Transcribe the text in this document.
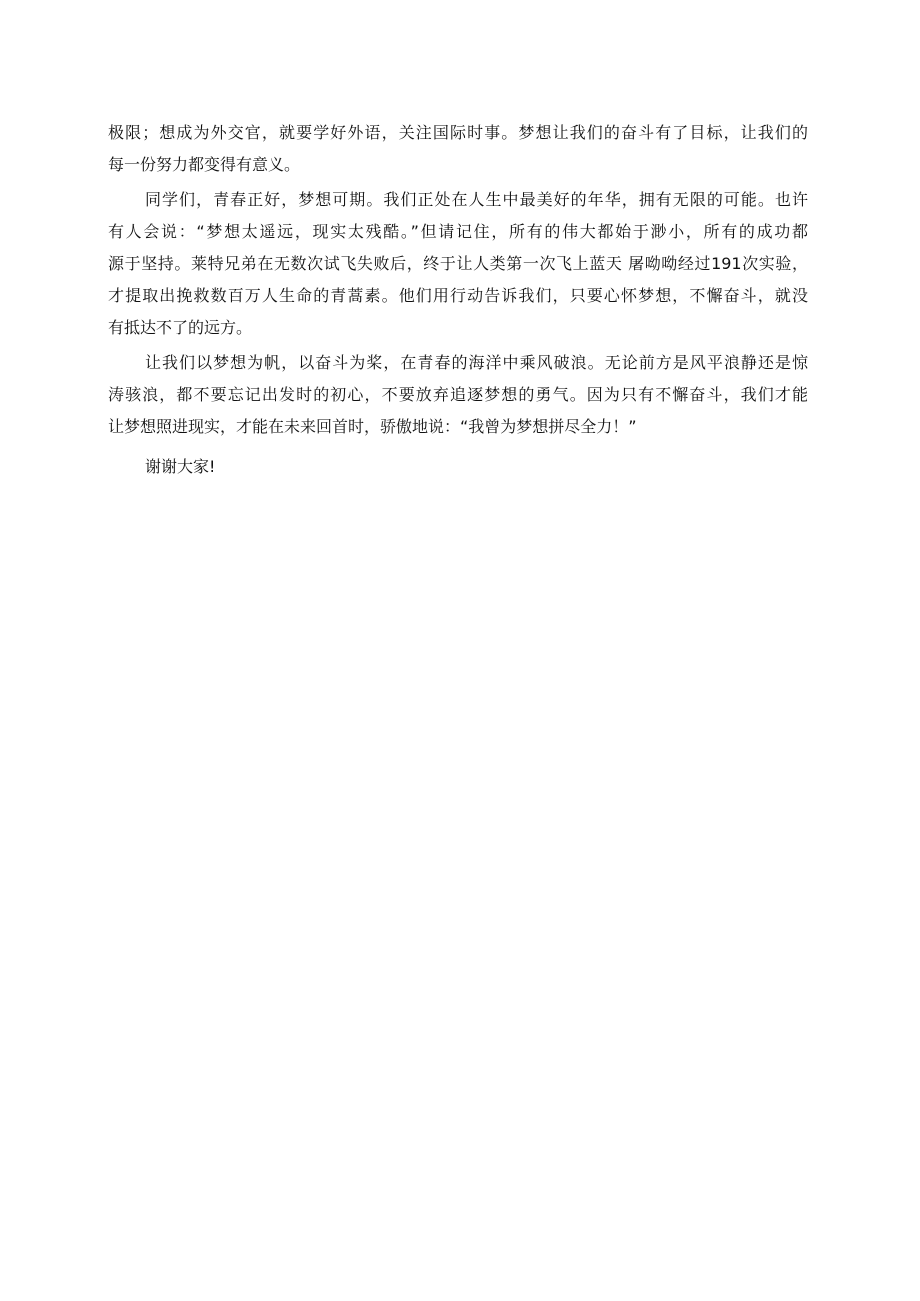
极限；想成为外交官，就要学好外语，关注国际时事。梦想让我们的奋斗有了目标，让我们的
每一份努力都变得有意义。
同学们，青春正好，梦想可期。我们正处在人生中最美好的年华，拥有无限的可能。也许
有人会说：“梦想太遥远，现实太残酷。”但请记住，所有的伟大都始于渺小，所有的成功都
源于坚持。莱特兄弟在无数次试飞失败后，终于让人类第一次飞上蓝天 屠呦呦经过191次实验，
才提取出挽救数百万人生命的青蒿素。他们用行动告诉我们，只要心怀梦想，不懈奋斗，就没
有抵达不了的远方。
让我们以梦想为帆，以奋斗为桨，在青春的海洋中乘风破浪。无论前方是风平浪静还是惊
涛骇浪，都不要忘记出发时的初心，不要放弃追逐梦想的勇气。因为只有不懈奋斗，我们才能
让梦想照进现实，才能在未来回首时，骄傲地说：“我曾为梦想拼尽全力！”
谢谢大家!
